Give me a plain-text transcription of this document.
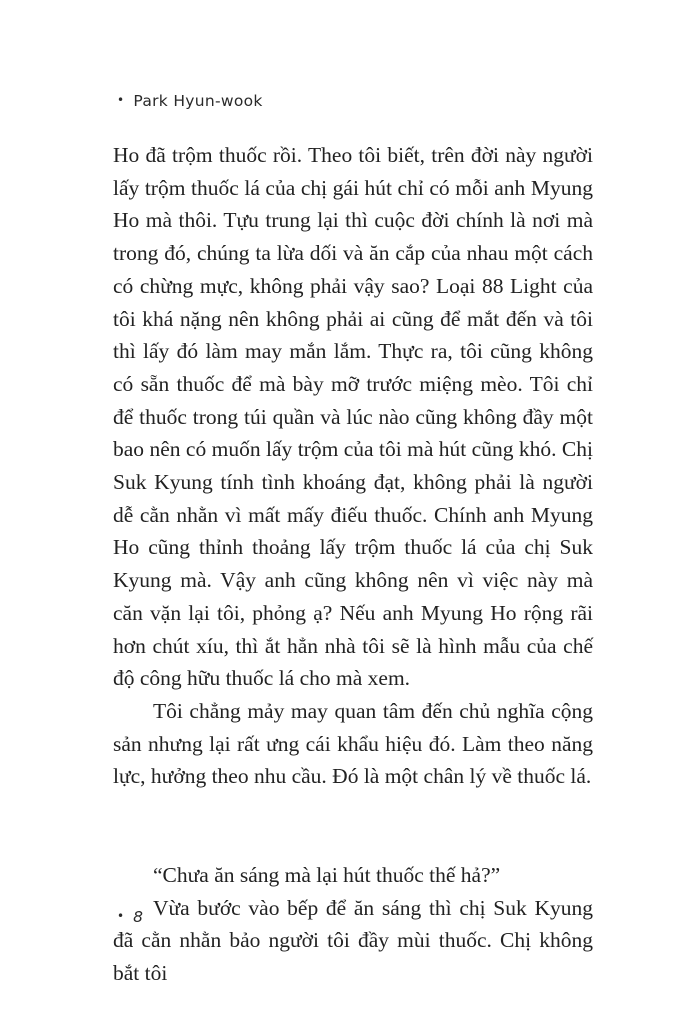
• Park Hyun-wook

Ho đã trộm thuốc rồi. Theo tôi biết, trên đời này người lấy trộm thuốc lá của chị gái hút chỉ có mỗi anh Myung Ho mà thôi. Tựu trung lại thì cuộc đời chính là nơi mà trong đó, chúng ta lừa dối và ăn cắp của nhau một cách có chừng mực, không phải vậy sao? Loại 88 Light của tôi khá nặng nên không phải ai cũng để mắt đến và tôi thì lấy đó làm may mắn lắm. Thực ra, tôi cũng không có sẵn thuốc để mà bày mỡ trước miệng mèo. Tôi chỉ để thuốc trong túi quần và lúc nào cũng không đầy một bao nên có muốn lấy trộm của tôi mà hút cũng khó. Chị Suk Kyung tính tình khoáng đạt, không phải là người dễ cằn nhằn vì mất mấy điếu thuốc. Chính anh Myung Ho cũng thỉnh thoảng lấy trộm thuốc lá của chị Suk Kyung mà. Vậy anh cũng không nên vì việc này mà căn vặn lại tôi, phỏng ạ? Nếu anh Myung Ho rộng rãi hơn chút xíu, thì ắt hẳn nhà tôi sẽ là hình mẫu của chế độ công hữu thuốc lá cho mà xem.

Tôi chẳng mảy may quan tâm đến chủ nghĩa cộng sản nhưng lại rất ưng cái khẩu hiệu đó. Làm theo năng lực, hưởng theo nhu cầu. Đó là một chân lý về thuốc lá.

“Chưa ăn sáng mà lại hút thuốc thế hả?”

Vừa bước vào bếp để ăn sáng thì chị Suk Kyung đã cằn nhằn bảo người tôi đầy mùi thuốc. Chị không bắt tôi

• 8
